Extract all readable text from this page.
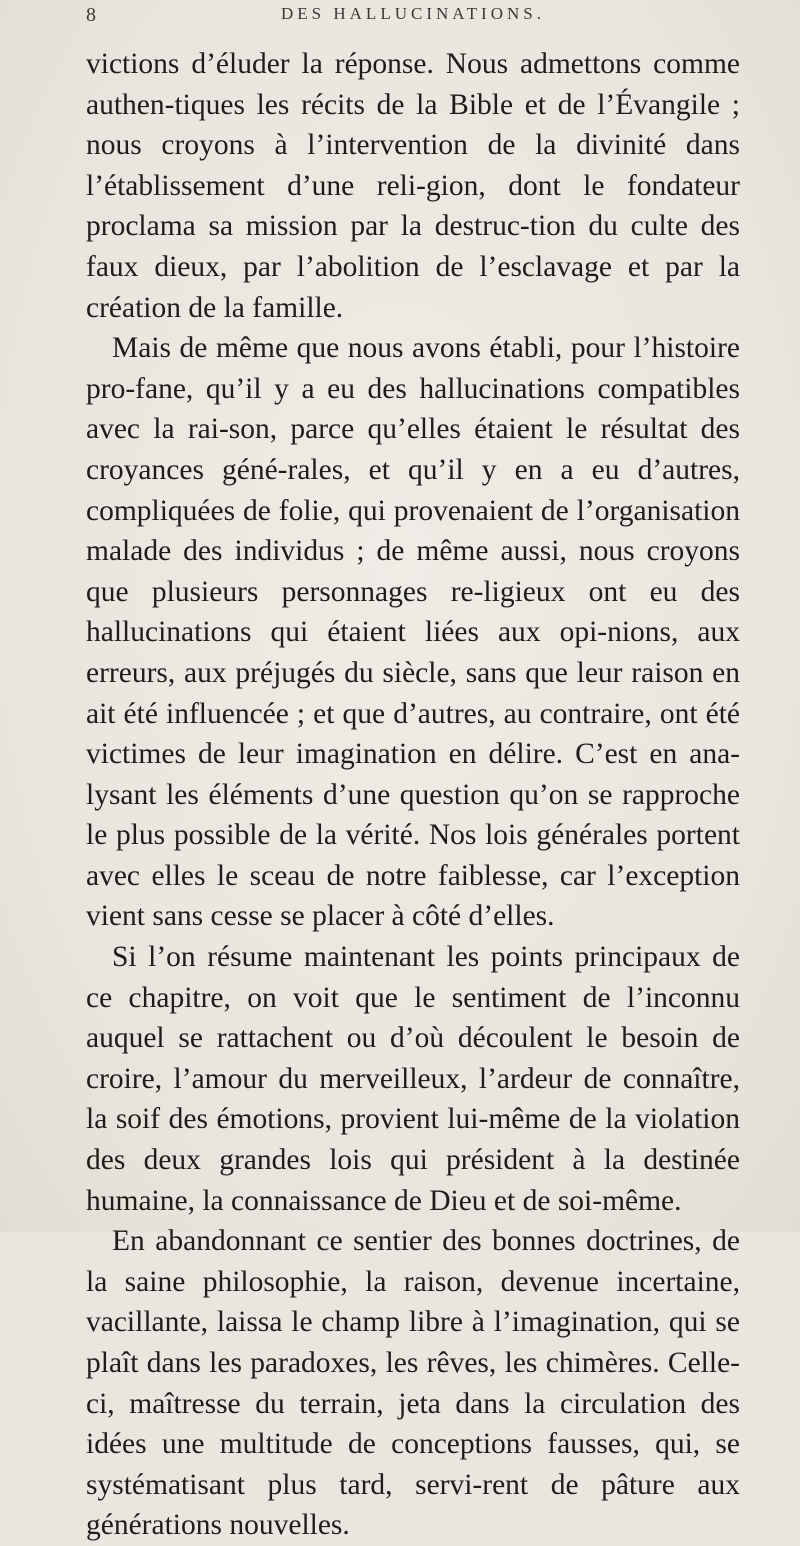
8	DES HALLUCINATIONS.

victions d’éluder la réponse. Nous admettons comme authen-tiques les récits de la Bible et de l’Évangile ; nous croyons à l’intervention de la divinité dans l’établissement d’une reli-gion, dont le fondateur proclama sa mission par la destruc-tion du culte des faux dieux, par l’abolition de l’esclavage et par la création de la famille.

Mais de même que nous avons établi, pour l’histoire pro-fane, qu’il y a eu des hallucinations compatibles avec la rai-son, parce qu’elles étaient le résultat des croyances géné-rales, et qu’il y en a eu d’autres, compliquées de folie, qui provenaient de l’organisation malade des individus ; de même aussi, nous croyons que plusieurs personnages re-ligieux ont eu des hallucinations qui étaient liées aux opi-nions, aux erreurs, aux préjugés du siècle, sans que leur raison en ait été influencée ; et que d’autres, au contraire, ont été victimes de leur imagination en délire. C’est en ana-lysant les éléments d’une question qu’on se rapproche le plus possible de la vérité. Nos lois générales portent avec elles le sceau de notre faiblesse, car l’exception vient sans cesse se placer à côté d’elles.

Si l’on résume maintenant les points principaux de ce chapitre, on voit que le sentiment de l’inconnu auquel se rattachent ou d’où découlent le besoin de croire, l’amour du merveilleux, l’ardeur de connaître, la soif des émotions, provient lui-même de la violation des deux grandes lois qui président à la destinée humaine, la connaissance de Dieu et de soi-même.

En abandonnant ce sentier des bonnes doctrines, de la saine philosophie, la raison, devenue incertaine, vacillante, laissa le champ libre à l’imagination, qui se plaît dans les paradoxes, les rêves, les chimères. Celle-ci, maîtresse du terrain, jeta dans la circulation des idées une multitude de conceptions fausses, qui, se systématisant plus tard, servi-rent de pâture aux générations nouvelles.
